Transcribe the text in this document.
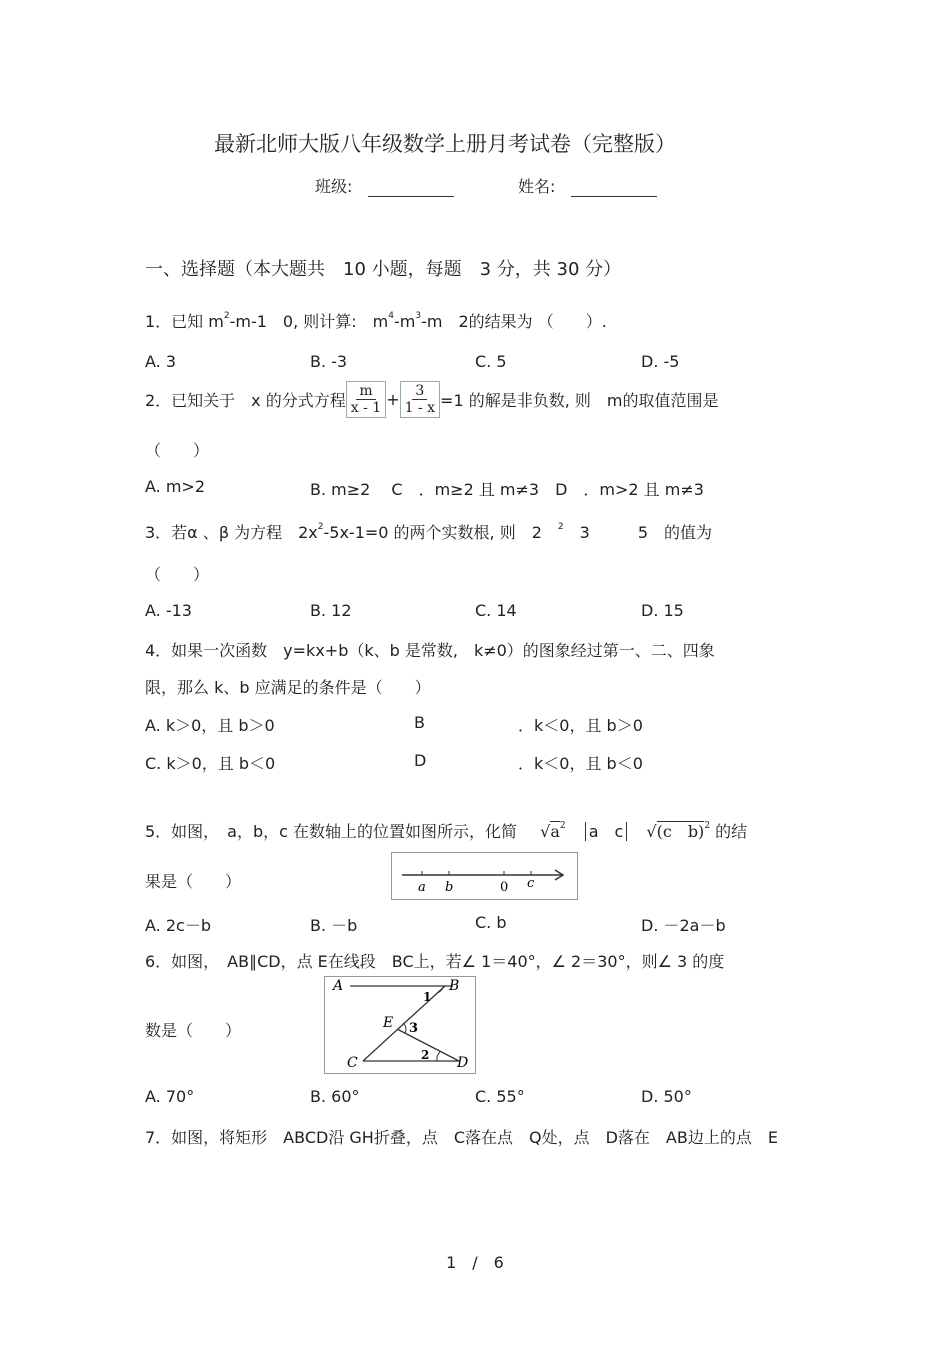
最新北师大版八年级数学上册月考试卷（完整版）
班级:	姓名:
一、选择题（本大题共　10 小题，每题　3 分，共 30 分）
1．已知 $m^2-m-1$　0, 则计算:　$m^4-m^3-m$　2的结果为 （　　）.
A. 3	B. -3	C. 5	D. -5
2．已知关于　x 的分式方程 $\frac{m}{x - 1} + \frac{3}{1 - x} =1$ 的解是非负数, 则　m的取值范围是
（　　）
A. m>2	B. m≥2　 C　．m≥2 且 m≠3　D　．m>2 且 m≠3
3．若α 、β 为方程　$2x^2-5x-1=0$ 的两个实数根, 则　2　$^2$　3　　　5　的值为
（　　）
A. -13	B. 12	C. 14	D. 15
4．如果一次函数　y=kx+b（k、b 是常数,　k≠0）的图象经过第一、二、四象
限，那么 k、b 应满足的条件是（　　）
A. k＞0，且 b＞0	B	．k＜0，且 b＞0
C. k＞0，且 b＜0	D	．k＜0，且 b＜0
5．如图，　a，b，c 在数轴上的位置如图所示，化简 $√a^2$ a　c √(c　b)$^2$ 的结
果是（　　）	a b	0 c
A. 2c－b	B. －b	C. b	D. －2a－b
6．如图，　AB∥CD，点 E在线段　BC上，若∠ 1＝40°，∠ 2＝30°，则∠ 3 的度
数是（　　）
A	B
E 3
1
2
C	D
A. 70°	B. 60°	C. 55°	D. 50°
7．如图，将矩形　ABCD沿 GH折叠，点　C落在点　Q处，点　D落在　AB边上的点　E
1　/　6
